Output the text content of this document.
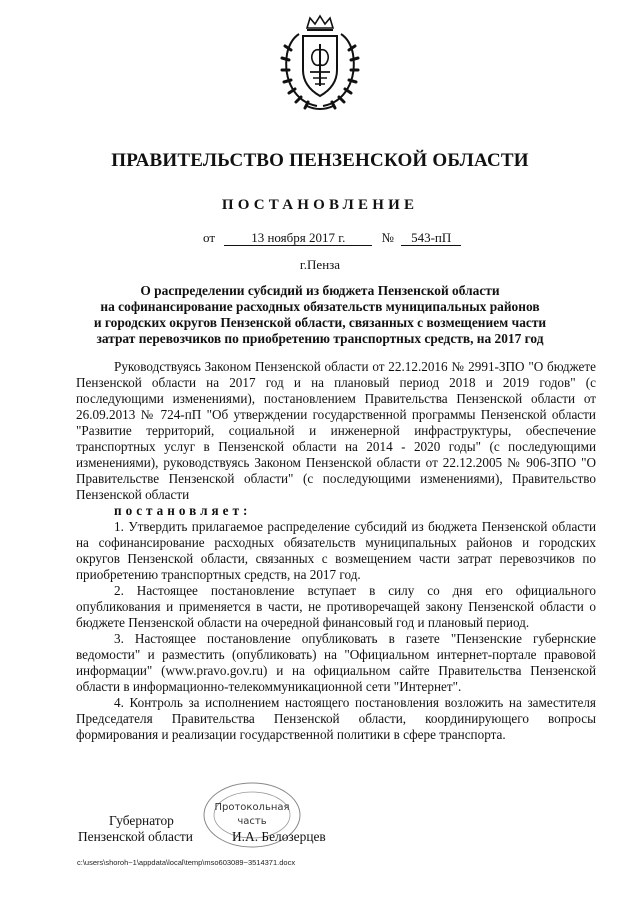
ПРАВИТЕЛЬСТВО ПЕНЗЕНСКОЙ ОБЛАСТИ
ПОСТАНОВЛЕНИЕ
от	13 ноября 2017 г.	№ 543-пП
г.Пенза
О распределении субсидий из бюджета Пензенской области
на софинансирование расходных обязательств муниципальных районов
и городских округов Пензенской области, связанных с возмещением части
затрат перевозчиков по приобретению транспортных средств, на 2017 год

Руководствуясь Законом Пензенской области от 22.12.2016 № 2991-ЗПО "О бюджете Пензенской области на 2017 год и на плановый период 2018 и 2019 годов" (с последующими изменениями), постановлением Правительства Пензенской области от 26.09.2013 № 724-пП "Об утверждении государственной программы Пензенской области "Развитие территорий, социальной и инженерной инфраструктуры, обеспечение транспортных услуг в Пензенской области на 2014 - 2020 годы" (с последующими изменениями), руководствуясь Законом Пензенской области от 22.12.2005 № 906-ЗПО "О Правительстве Пензенской области" (с последующими изменениями), Правительство Пензенской области

постановляет:

1. Утвердить прилагаемое распределение субсидий из бюджета Пензенской области на софинансирование расходных обязательств муниципальных районов и городских округов Пензенской области, связанных с возмещением части затрат перевозчиков по приобретению транспортных средств, на 2017 год.

2. Настоящее постановление вступает в силу со дня его официального опубликования и применяется в части, не противоречащей закону Пензенской области о бюджете Пензенской области на очередной финансовый год и плановый период.

3. Настоящее постановление опубликовать в газете "Пензенские губернские ведомости" и разместить (опубликовать) на "Официальном интернет-портале правовой информации" (www.pravo.gov.ru) и на официальном сайте Правительства Пензенской области в информационно-телекоммуникационной сети "Интернет".

4. Контроль за исполнением настоящего постановления возложить на заместителя Председателя Правительства Пензенской области, координирующего вопросы формирования и реализации государственной политики в сфере транспорта.

Протокольная
часть
Губернатор
Пензенской области	И.А. Белозерцев
c:\users\shoroh~1\appdata\local\temp\mso603089~3514371.docx
